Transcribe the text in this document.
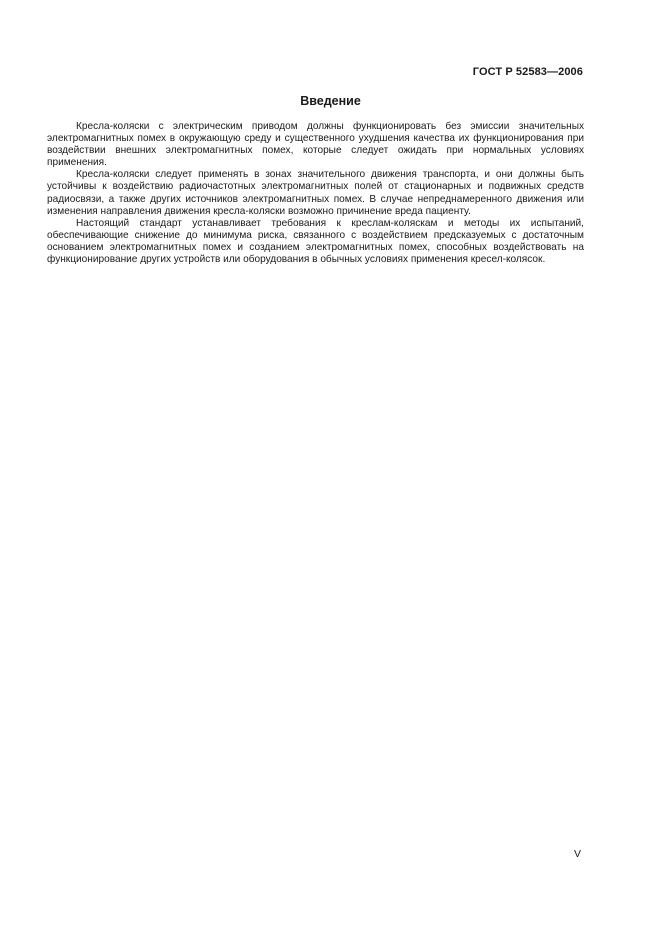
ГОСТ Р 52583—2006
Введение

Кресла-коляски с электрическим приводом должны функционировать без эмиссии значительных электромагнитных помех в окружающую среду и существенного ухудшения качества их функционирования при воздействии внешних электромагнитных помех, которые следует ожидать при нормальных условиях применения.

Кресла-коляски следует применять в зонах значительного движения транспорта, и они должны быть устойчивы к воздействию радиочастотных электромагнитных полей от стационарных и подвижных средств радиосвязи, а также других источников электромагнитных помех. В случае непреднамеренного движения или изменения направления движения кресла-коляски возможно причинение вреда пациенту.

Настоящий стандарт устанавливает требования к креслам-коляскам и методы их испытаний, обеспечивающие снижение до минимума риска, связанного с воздействием предсказуемых с достаточным основанием электромагнитных помех и созданием электромагнитных помех, способных воздействовать на функционирование других устройств или оборудования в обычных условиях применения кресел-колясок.

V
